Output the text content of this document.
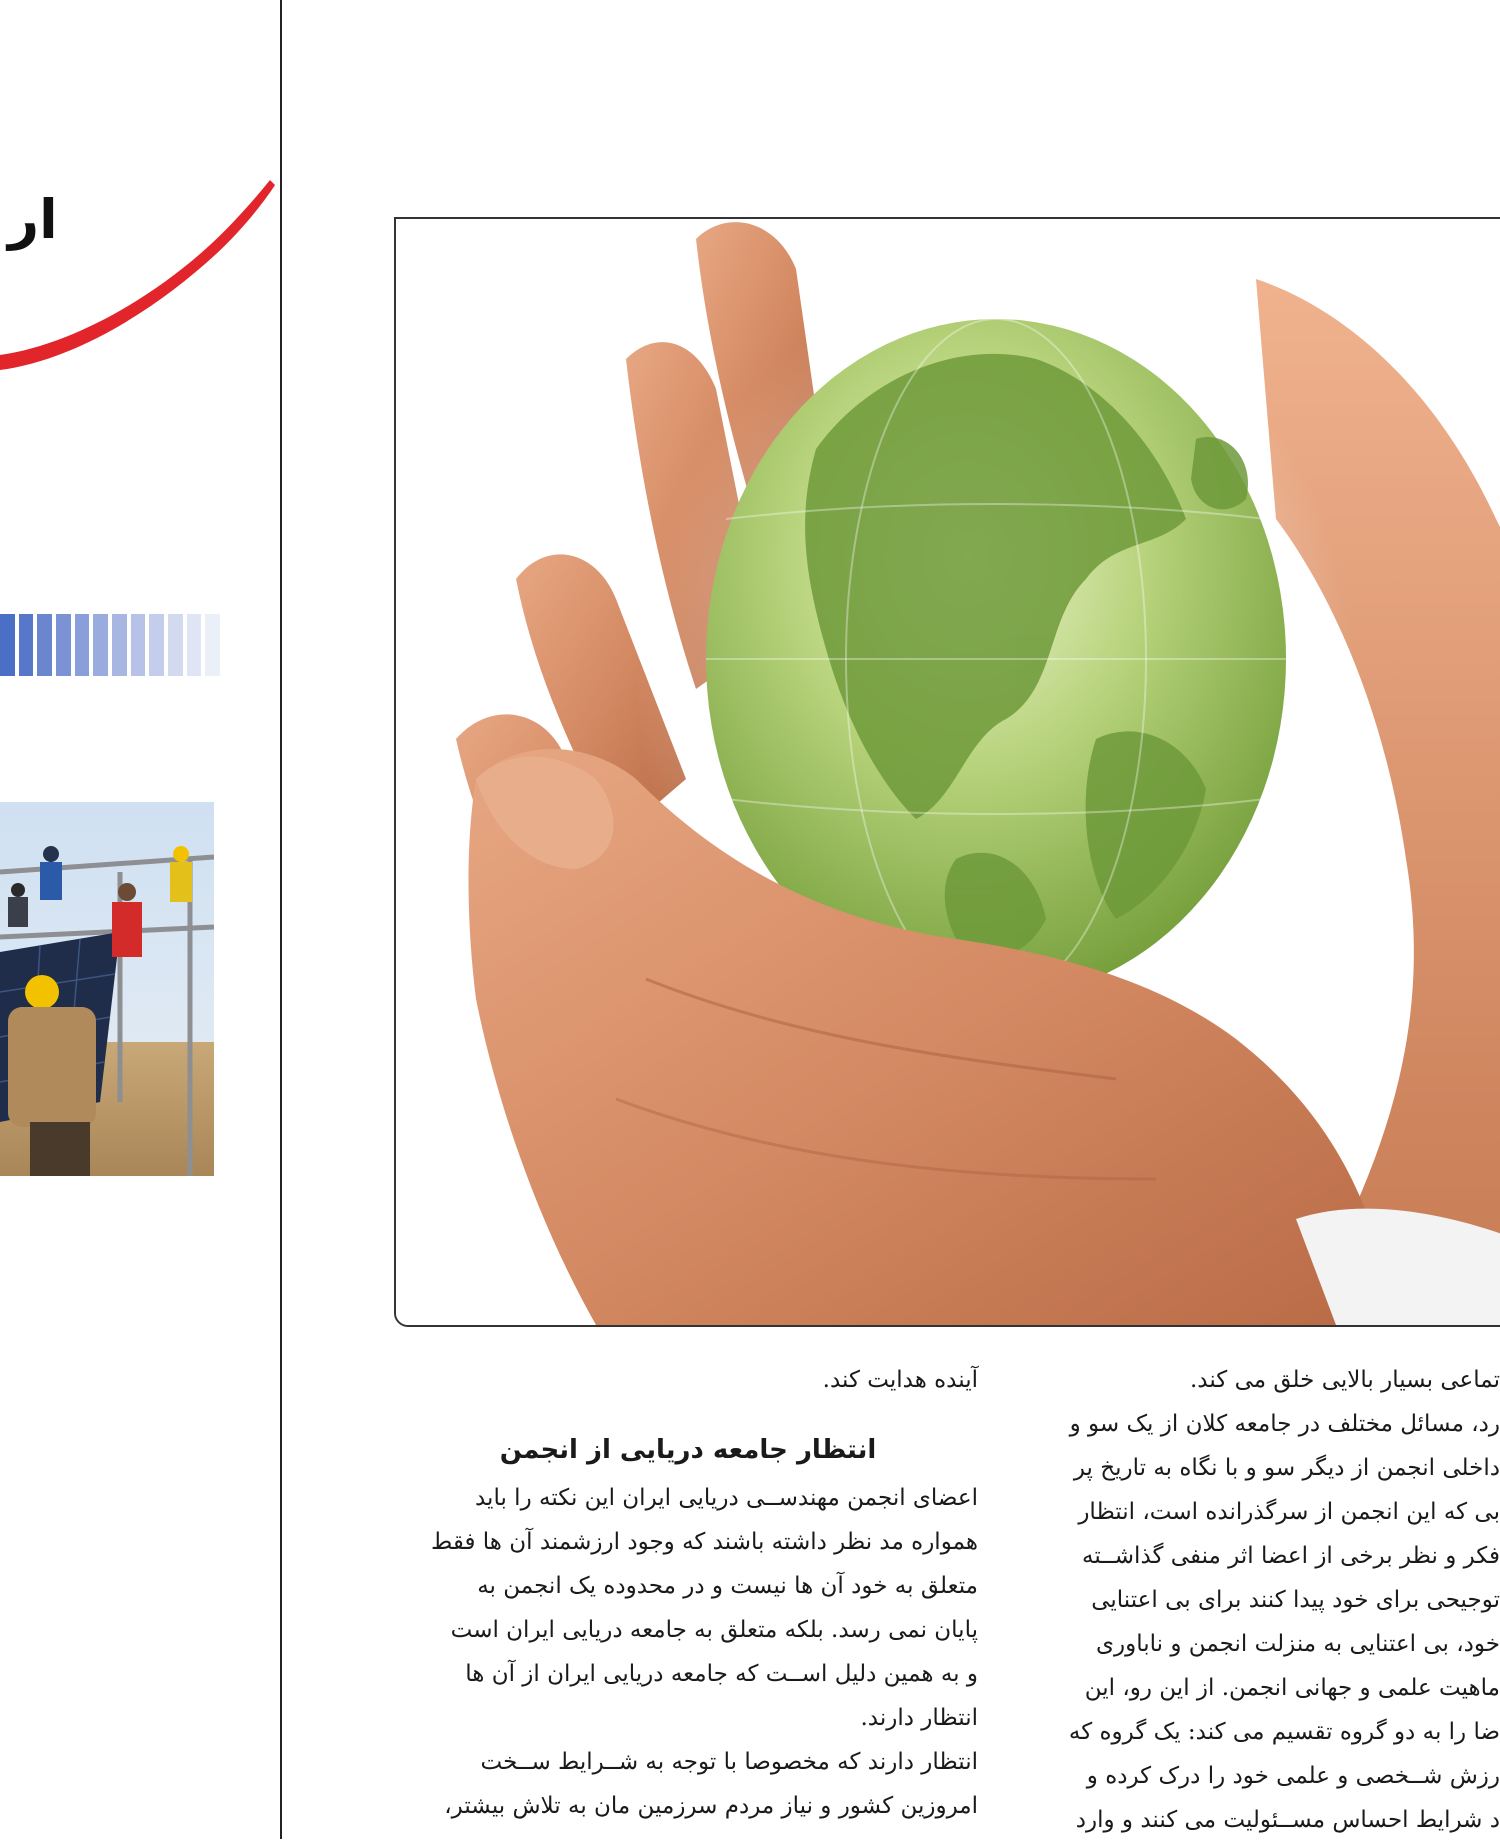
ار

آینده هدایت کند.

انتظار جامعه دریایی از انجمن

اعضای انجمن مهندســی دریایی ایران این نکته را باید

همواره مد نظر داشته باشند که وجود ارزشمند آن ها فقط

متعلق به خود آن ها نیست و در محدوده یک انجمن به

پایان نمی رسد. بلکه متعلق به جامعه دریایی ایران است

و به همین دلیل اســت که جامعه دریایی ایران از آن ها

انتظار دارند.

انتظار دارند که مخصوصا با توجه به شــرایط ســخت

امروزین کشور و نیاز مردم سرزمین مان به تلاش بیشتر،

تماعی بسیار بالایی خلق می کند.

رد، مسائل مختلف در جامعه کلان از یک سو و

داخلی انجمن از دیگر سو و با نگاه به تاریخ پر

بی که این انجمن از سرگذرانده است، انتظار

فکر و نظر برخی از اعضا اثر منفی گذاشــته

توجیحی برای خود پیدا کنند برای بی اعتنایی

خود، بی اعتنایی به منزلت انجمن و ناباوری

ماهیت علمی و جهانی انجمن. از این رو، این

ضا را به دو گروه تقسیم می کند: یک گروه که

رزش شــخصی و علمی خود را درک کرده و

د شرایط احساس مســئولیت می کنند و وارد
